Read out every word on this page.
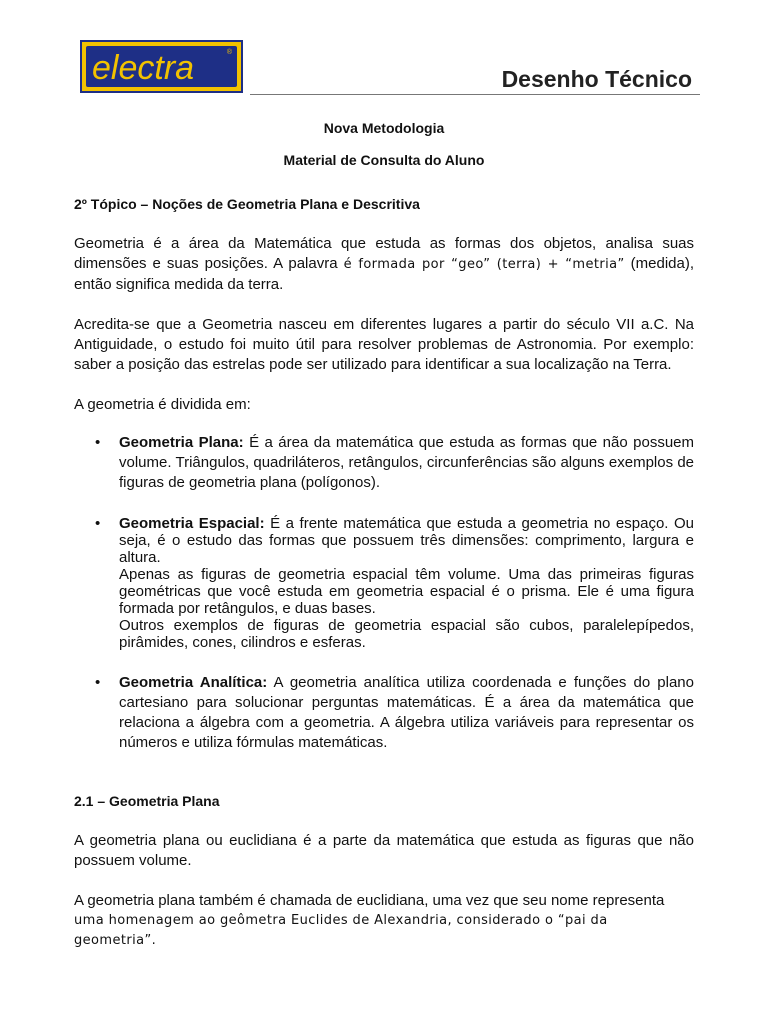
electra	®
Desenho Técnico
Nova Metodologia
Material de Consulta do Aluno

2º Tópico – Noções de Geometria Plana e Descritiva

Geometria é a área da Matemática que estuda as formas dos objetos, analisa suas dimensões e suas posições. A palavra é formada por “geo” (terra) + “metria” (medida), então significa medida da terra.

Acredita-se que a Geometria nasceu em diferentes lugares a partir do século VII a.C. Na Antiguidade, o estudo foi muito útil para resolver problemas de Astronomia. Por exemplo: saber a posição das estrelas pode ser utilizado para identificar a sua localização na Terra.

A geometria é dividida em:

• Geometria Plana: É a área da matemática que estuda as formas que não possuem volume. Triângulos, quadriláteros, retângulos, circunferências são alguns exemplos de figuras de geometria plana (polígonos).
• Geometria Espacial: É a frente matemática que estuda a geometria no espaço. Ou seja, é o estudo das formas que possuem três dimensões: comprimento, largura e altura.
Apenas as figuras de geometria espacial têm volume. Uma das primeiras figuras geométricas que você estuda em geometria espacial é o prisma. Ele é uma figura formada por retângulos, e duas bases.
Outros exemplos de figuras de geometria espacial são cubos, paralelepípedos, pirâmides, cones, cilindros e esferas.
• Geometria Analítica: A geometria analítica utiliza coordenada e funções do plano cartesiano para solucionar perguntas matemáticas. É a área da matemática que relaciona a álgebra com a geometria. A álgebra utiliza variáveis para representar os números e utiliza fórmulas matemáticas.

2.1 – Geometria Plana

A geometria plana ou euclidiana é a parte da matemática que estuda as figuras que não possuem volume.

A geometria plana também é chamada de euclidiana, uma vez que seu nome representa
uma homenagem ao geômetra Euclides de Alexandria, considerado o “pai da geometria”.
